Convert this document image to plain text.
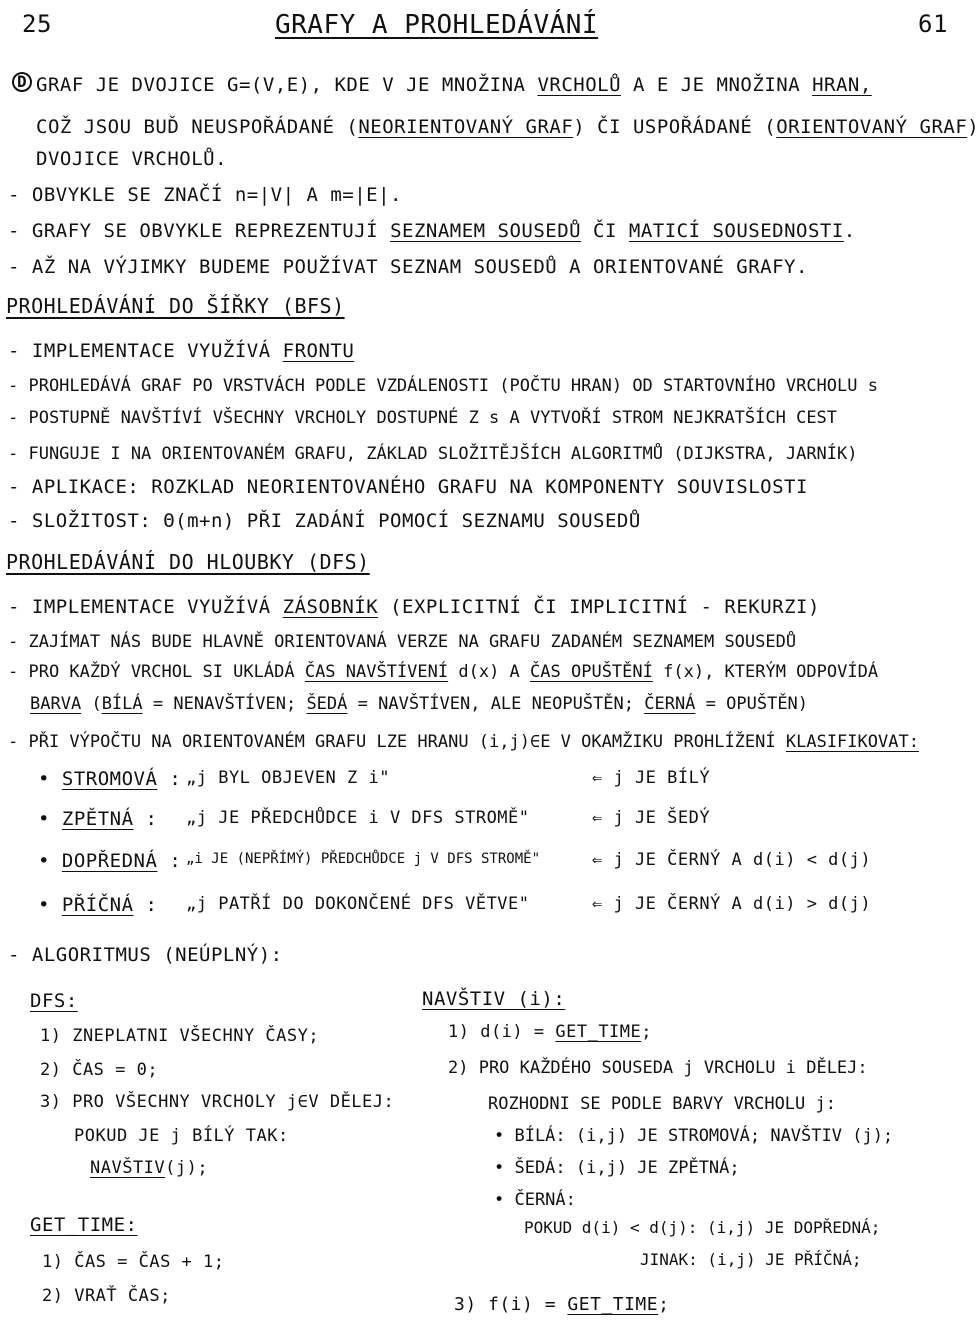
25	GRAFY A PROHLEDÁVÁNÍ	61
D GRAF JE DVOJICE G=(V,E), KDE V JE MNOŽINA VRCHOLŮ A E JE MNOŽINA HRAN,
COŽ JSOU BUĎ NEUSPOŘÁDANÉ (NEORIENTOVANÝ GRAF) ČI USPOŘÁDANÉ (ORIENTOVANÝ GRAF)
DVOJICE VRCHOLŮ.
- OBVYKLE SE ZNAČÍ n=|V| A m=|E|.
- GRAFY SE OBVYKLE REPREZENTUJÍ SEZNAMEM SOUSEDŮ ČI MATICÍ SOUSEDNOSTI.
- AŽ NA VÝJIMKY BUDEME POUŽÍVAT SEZNAM SOUSEDŮ A ORIENTOVANÉ GRAFY.
PROHLEDÁVÁNÍ DO ŠÍŘKY (BFS)
- IMPLEMENTACE VYUŽÍVÁ FRONTU
- PROHLEDÁVÁ GRAF PO VRSTVÁCH PODLE VZDÁLENOSTI (POČTU HRAN) OD STARTOVNÍHO VRCHOLU s
- POSTUPNĚ NAVŠTÍVÍ VŠECHNY VRCHOLY DOSTUPNÉ Z s A VYTVOŘÍ STROM NEJKRATŠÍCH CEST
- FUNGUJE I NA ORIENTOVANÉM GRAFU, ZÁKLAD SLOŽITĚJŠÍCH ALGORITMŮ (DIJKSTRA, JARNÍK)
- APLIKACE: ROZKLAD NEORIENTOVANÉHO GRAFU NA KOMPONENTY SOUVISLOSTI
- SLOŽITOST: Θ(m+n) PŘI ZADÁNÍ POMOCÍ SEZNAMU SOUSEDŮ
PROHLEDÁVÁNÍ DO HLOUBKY (DFS)
- IMPLEMENTACE VYUŽÍVÁ ZÁSOBNÍK (EXPLICITNÍ ČI IMPLICITNÍ - REKURZI)
- ZAJÍMAT NÁS BUDE HLAVNĚ ORIENTOVANÁ VERZE NA GRAFU ZADANÉM SEZNAMEM SOUSEDŮ
- PRO KAŽDÝ VRCHOL SI UKLÁDÁ ČAS NAVŠTÍVENÍ d(x) A ČAS OPUŠTĚNÍ f(x), KTERÝM ODPOVÍDÁ
BARVA (BÍLÁ = NENAVŠTÍVEN; ŠEDÁ = NAVŠTÍVEN, ALE NEOPUŠTĚN; ČERNÁ = OPUŠTĚN)
- PŘI VÝPOČTU NA ORIENTOVANÉM GRAFU LZE HRANU (i,j)∈E V OKAMŽIKU PROHLÍŽENÍ KLASIFIKOVAT:
• STROMOVÁ : „j BYL OBJEVEN Z i"	⇐ j JE BÍLÝ
• ZPĚTNÁ : „j JE PŘEDCHŮDCE i V DFS STROMĚ"	⇐ j JE ŠEDÝ
• DOPŘEDNÁ : „i JE (NEPŘÍMÝ) PŘEDCHŮDCE j V DFS STROMĚ"	⇐ j JE ČERNÝ A d(i) < d(j)
• PŘÍČNÁ : „j PATŘÍ DO DOKONČENÉ DFS VĚTVE"	⇐ j JE ČERNÝ A d(i) > d(j)
- ALGORITMUS (NEÚPLNÝ):
DFS:
1) ZNEPLATNI VŠECHNY ČASY;
2) ČAS = 0;
3) PRO VŠECHNY VRCHOLY j∈V DĚLEJ:
POKUD JE j BÍLÝ TAK:
NAVŠTIV(j);
GET_TIME:
1) ČAS = ČAS + 1;
2) VRAŤ ČAS;
NAVŠTIV (i):
1) d(i) = GET_TIME;
2) PRO KAŽDÉHO SOUSEDA j VRCHOLU i DĚLEJ:
ROZHODNI SE PODLE BARVY VRCHOLU j:
• BÍLÁ: (i,j) JE STROMOVÁ; NAVŠTIV (j);
• ŠEDÁ: (i,j) JE ZPĚTNÁ;
• ČERNÁ:
POKUD d(i) < d(j): (i,j) JE DOPŘEDNÁ;
JINAK: (i,j) JE PŘÍČNÁ;
3) f(i) = GET_TIME;
